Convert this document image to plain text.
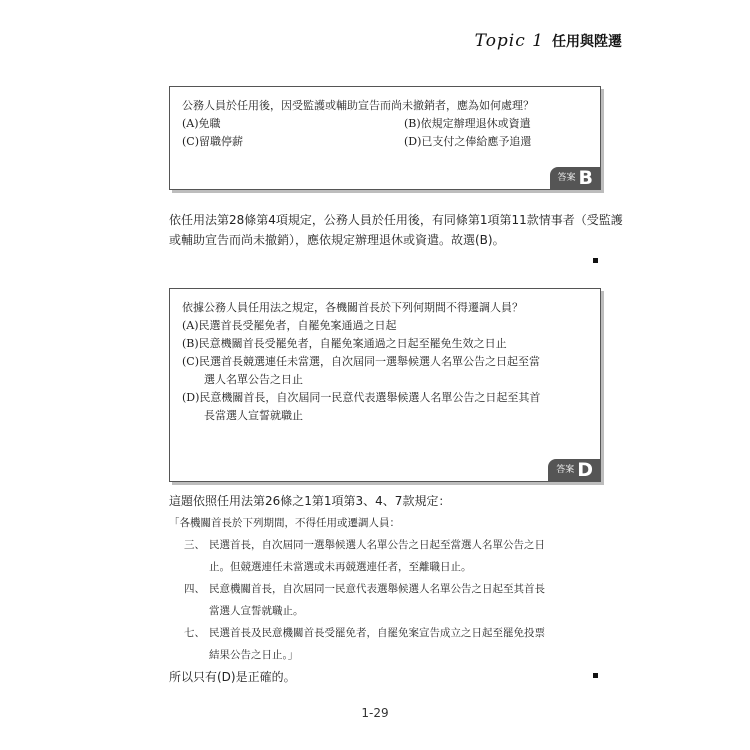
Topic 1 任用與陞遷
公務人員於任用後，因受監護或輔助宣告而尚未撤銷者，應為如何處理？
(A)免職	(B)依規定辦理退休或資遣
(C)留職停薪	(D)已支付之俸給應予追還
答案 B
依任用法第28條第4項規定，公務人員於任用後，有同條第1項第11款情事者（受監護或輔助宣告而尚未撤銷），應依規定辦理退休或資遣。故選(B)。
依據公務人員任用法之規定，各機關首長於下列何期間不得遷調人員？
(A)民選首長受罷免者，自罷免案通過之日起
(B)民意機關首長受罷免者，自罷免案通過之日起至罷免生效之日止
(C)民選首長競選連任未當選，自次屆同一選舉候選人名單公告之日起至當
選人名單公告之日止
(D)民意機關首長，自次屆同一民意代表選舉候選人名單公告之日起至其首
長當選人宣誓就職止
答案 D
這題依照任用法第26條之1第1項第3、4、7款規定：
「各機關首長於下列期間，不得任用或遷調人員：
三、 民選首長，自次屆同一選舉候選人名單公告之日起至當選人名單公告之日
止。但競選連任未當選或未再競選連任者，至離職日止。
四、 民意機關首長，自次屆同一民意代表選舉候選人名單公告之日起至其首長
當選人宣誓就職止。
七、 民選首長及民意機關首長受罷免者，自罷免案宣告成立之日起至罷免投票
結果公告之日止。」
所以只有(D)是正確的。
1-29
